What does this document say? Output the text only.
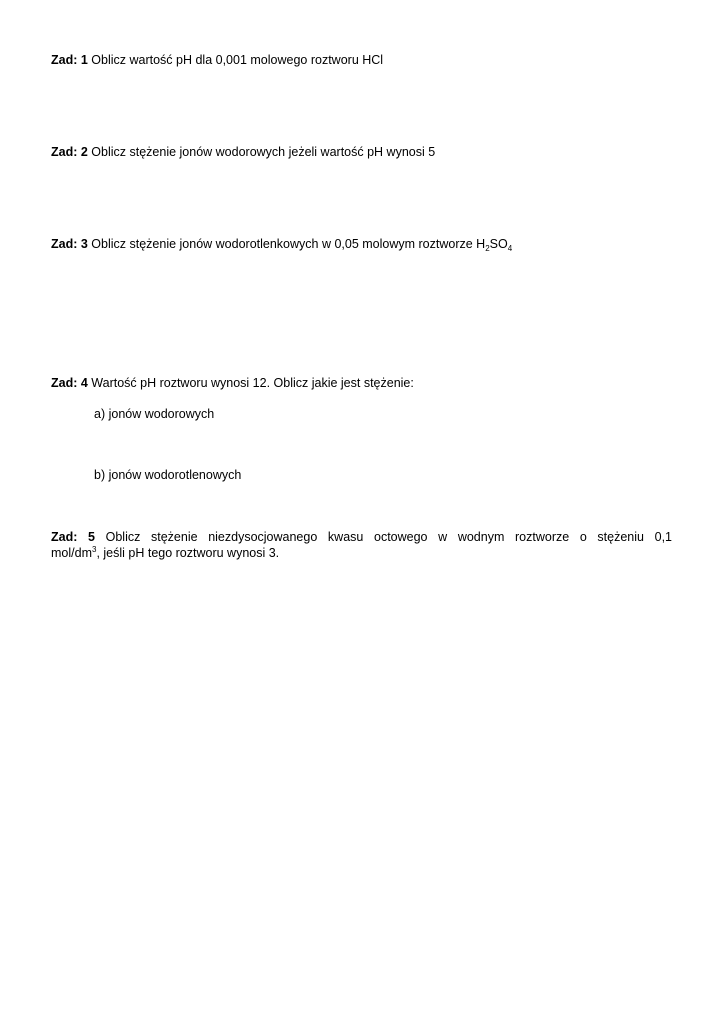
Zad: 1 Oblicz wartość pH dla 0,001 molowego roztworu HCl
Zad: 2 Oblicz stężenie jonów wodorowych jeżeli wartość pH wynosi 5
Zad: 3 Oblicz stężenie jonów wodorotlenkowych w 0,05 molowym roztworze $H_2SO_4$
Zad: 4 Wartość pH roztworu wynosi 12. Oblicz jakie jest stężenie:
a) jonów wodorowych
b) jonów wodorotlenowych
Zad: 5 Oblicz stężenie niezdysocjowanego kwasu octowego w wodnym roztworze o stężeniu 0,1
mol/$dm^3$, jeśli pH tego roztworu wynosi 3.
